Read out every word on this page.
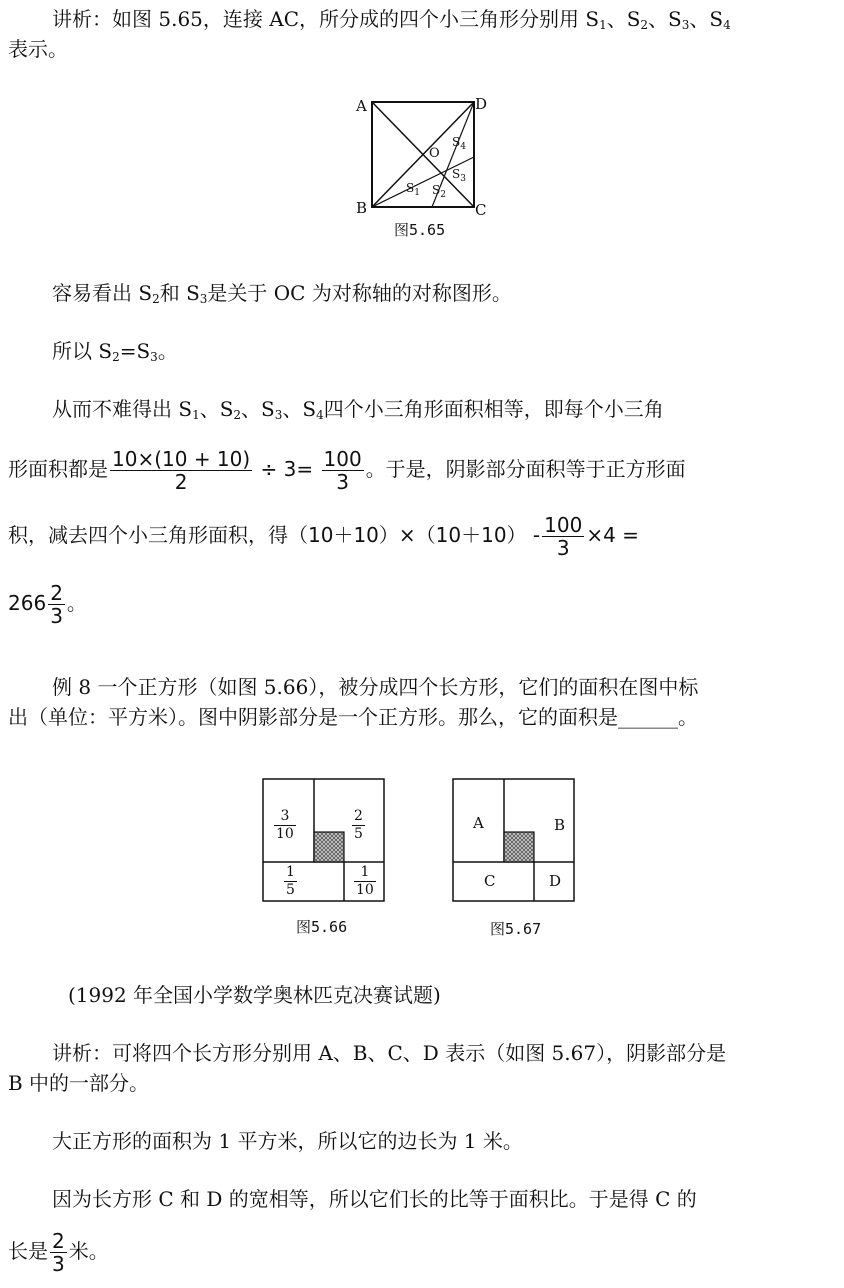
讲析：如图 5.65，连接 AC，所分成的四个小三角形分别用 $S_1$、$S_2$、$S_3$、$S_4$
表示。
A	D
B	C
O
$S_4$
$S_3$
$S_1$ $S_2$
图5.65
容易看出 $S_2$和 $S_3$是关于 OC 为对称轴的对称图形。
所以 $S_2=S_3$。
从而不难得出 $S_1$、$S_2$、$S_3$、$S_4$四个小三角形面积相等，即每个小三角
形面积都是 $\frac{10\times(10 + 10)}{2} \div 3= \frac{100}{3}$ 。于是，阴影部分面积等于正方形面
积，减去四个小三角形面积，得$(10+10)\times(10+10) - \frac{100}{3} \times 4$ =
$266 \frac{2}{3}$ 。
例 8 一个正方形（如图 5.66），被分成四个长方形，它们的面积在图中标
出（单位：平方米）。图中阴影部分是一个正方形。那么，它的面积是______。
$\frac{3}{10}$	$\frac{2}{5}$
$\frac{1}{5}$	$\frac{1}{10}$
图5.66
A	B
C	D
图5.67
(1992 年全国小学数学奥林匹克决赛试题)
讲析：可将四个长方形分别用 A、B、C、D 表示（如图 5.67），阴影部分是
B 中的一部分。
大正方形的面积为 1 平方米，所以它的边长为 1 米。
因为长方形 C 和 D 的宽相等，所以它们长的比等于面积比。于是得 C 的
长是 $\frac{2}{3}$ 米。
